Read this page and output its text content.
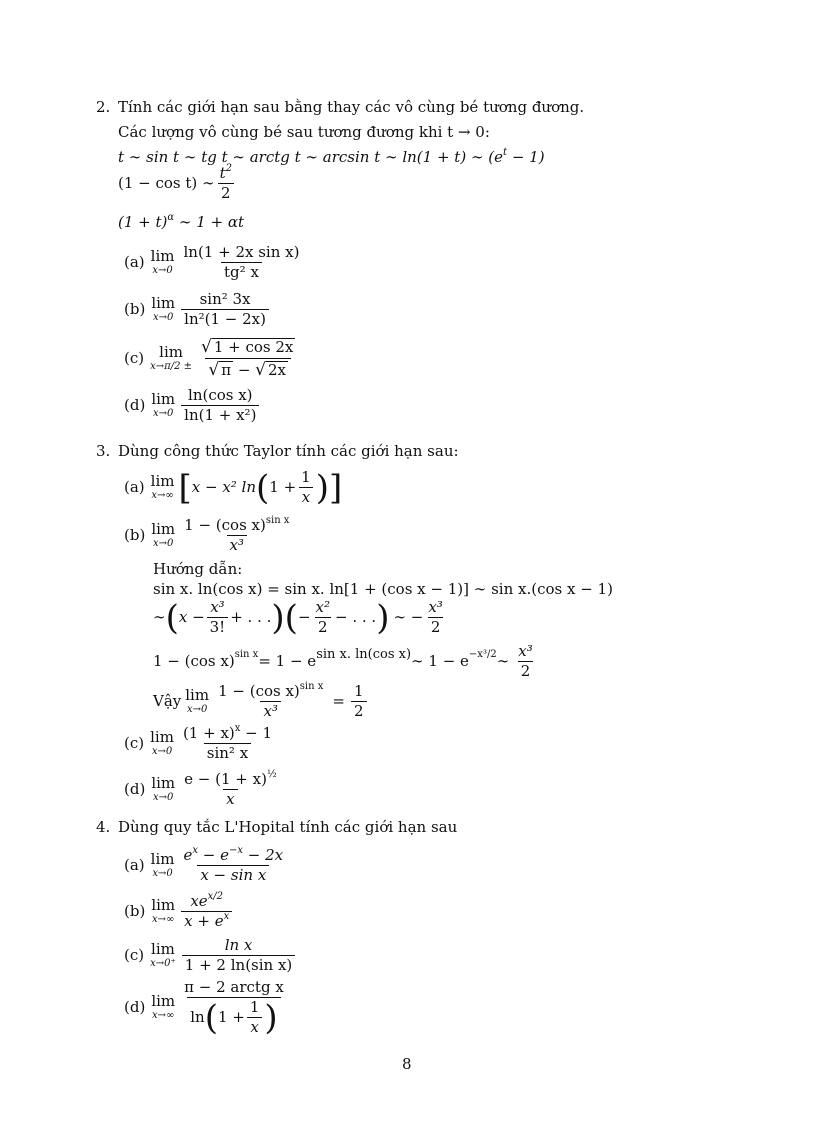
2. Tính các giới hạn sau bằng thay các vô cùng bé tương đương.
Các lượng vô cùng bé sau tương đương khi t → 0:
t ∼ sin t ∼ tg t ∼ arctg t ∼ arcsin t ∼ ln(1 + t) ∼ $(e^t - 1)$
(1 − cos t) ∼ $\frac{t^2}{2}$
$(1 + t)^\alpha$ ∼ 1 + αt
(a) lim
$x\to 0 \frac{\text{ln(1 + 2x sin x)}}{\text{tg² x}}$
(b) lim
$x\to 0 \frac{\text{sin² 3x}}{\text{ln²(1 − 2x)}}$
(c) lim
$x\to\pi/2 \pm \frac{√ 1 + \cos 2x}{√ \pi - √ 2x}$
(d) lim
$x\to 0 \frac{\text{ln(cos x)}}{\text{ln(1 + x²)}}$
3. Dùng công thức Taylor tính các giới hạn sau:
(a) lim
x→∞ [ x − x² ln ( $1 + \frac{1}{x}$ ) ]
(b) lim
$x\to 0 \frac{1 - (\cos x)^{sin x}}{\text{x³}}$
Hướng dẫn:
sin x. ln(cos x) = sin x. ln[1 + (cos x − 1)] ∼ sin x.(cos x − 1)
∼ ( $x - \frac{\text{x³}}{3!}$ + . . . ) ( − $\frac{\text{x²}}{2}$ − . . . ) ∼ − $\frac{\text{x³}}{2}$
1 − (cos x) sin x = 1 − e sin x. ln(cos x) ∼ 1 − e −x³/2 ∼ $\frac{\text{x³}}{2}$
Vậy lim
$x\to 0 \frac{1 - (\cos x)^{sin x}}{\text{x³}} = \frac{1}{2}$
(c) lim
$x\to 0 \frac{(1 + x)^x - 1}{\text{sin² x}}$
(d) lim
$x\to 0 \frac{e - (1 + x)^{\frac{1}{2}}}{x}$
4. Dùng quy tắc L'Hopital tính các giới hạn sau
(a) lim
$x\to 0 \frac{e^x - e^{-x} - 2x}{\text{x − sin x}}$
(b) lim
$x\to\infty \frac{xe^{x/2}}{x + e^x}$
(c) lim
$x\to 0^+ \frac{\text{ln x}}{\text{1 + 2 ln(sin x)}}$
(d) lim
$x\to\infty \frac{\text{π − 2 arctg x}}{\ln ( 1 + \frac{1}{x} )}$
8
